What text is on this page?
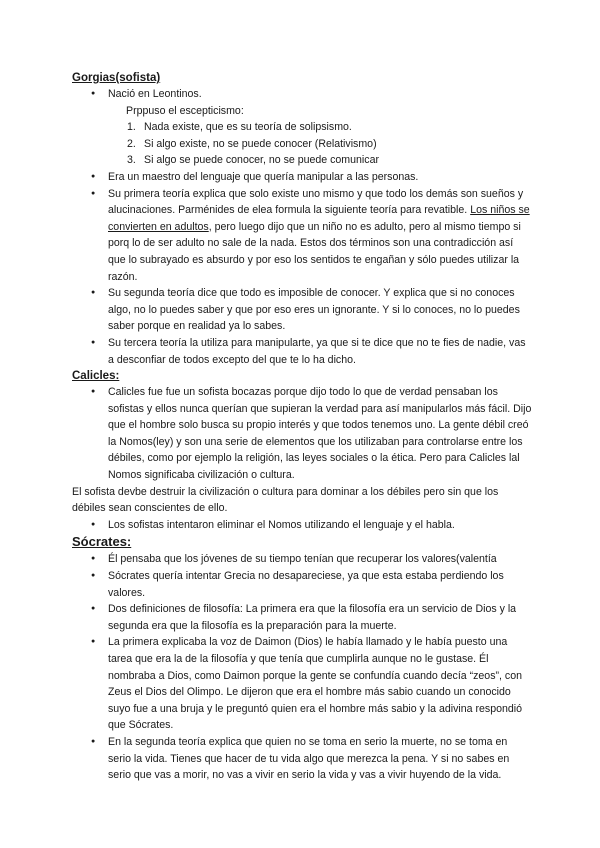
Gorgias(sofista)
● Nació en Leontinos.
Prppuso el escepticismo:
1. Nada existe, que es su teoría de solipsismo.
2. Si algo existe, no se puede conocer (Relativismo)
3. Si algo se puede conocer, no se puede comunicar
● Era un maestro del lenguaje que quería manipular a las personas.
● Su primera teoría explica que solo existe uno mismo y que todo los demás son sueños y alucinaciones. Parménides de elea formula la siguiente teoría para revatible. Los niños se convierten en adultos, pero luego dijo que un niño no es adulto, pero al mismo tiempo si porq lo de ser adulto no sale de la nada. Estos dos términos son una contradicción así que lo subrayado es absurdo y por eso los sentidos te engañan y sólo puedes utilizar la razón.
● Su segunda teoría dice que todo es imposible de conocer. Y explica que si no conoces algo, no lo puedes saber y que por eso eres un ignorante. Y si lo conoces, no lo puedes saber porque en realidad ya lo sabes.
● Su tercera teoría la utiliza para manipularte, ya que si te dice que no te fies de nadie, vas a desconfiar de todos excepto del que te lo ha dicho.
Calicles:
● Calicles fue fue un sofista bocazas porque dijo todo lo que de verdad pensaban los sofistas y ellos nunca querían que supieran la verdad para así manipularlos más fácil. Dijo que el hombre solo busca su propio interés y que todos tenemos uno. La gente débil creó la Nomos(ley) y son una serie de elementos que los utilizaban para controlarse entre los débiles, como por ejemplo la religión, las leyes sociales o la ética. Pero para Calicles lal Nomos significaba civilización o cultura.

El sofista devbe destruir la civilización o cultura para dominar a los débiles pero sin que los débiles sean conscientes de ello.

● Los sofistas intentaron eliminar el Nomos utilizando el lenguaje y el habla.
Sócrates:
● Él pensaba que los jóvenes de su tiempo tenían que recuperar los valores(valentía
● Sócrates quería intentar Grecia no desapareciese, ya que esta estaba perdiendo los valores.
● Dos definiciones de filosofía: La primera era que la filosofía era un servicio de Dios y la segunda era que la filosofía es la preparación para la muerte.
● La primera explicaba la voz de Daimon (Dios) le había llamado y le había puesto una tarea que era la de la filosofía y que tenía que cumplirla aunque no le gustase. Él nombraba a Dios, como Daimon porque la gente se confundía cuando decía “zeos”, con Zeus el Dios del Olimpo. Le dijeron que era el hombre más sabio cuando un conocido suyo fue a una bruja y le preguntó quien era el hombre más sabio y la adivina respondió que Sócrates.
● En la segunda teoría explica que quien no se toma en serio la muerte, no se toma en serio la vida. Tienes que hacer de tu vida algo que merezca la pena. Y si no sabes en serio que vas a morir, no vas a vivir en serio la vida y vas a vivir huyendo de la vida.
